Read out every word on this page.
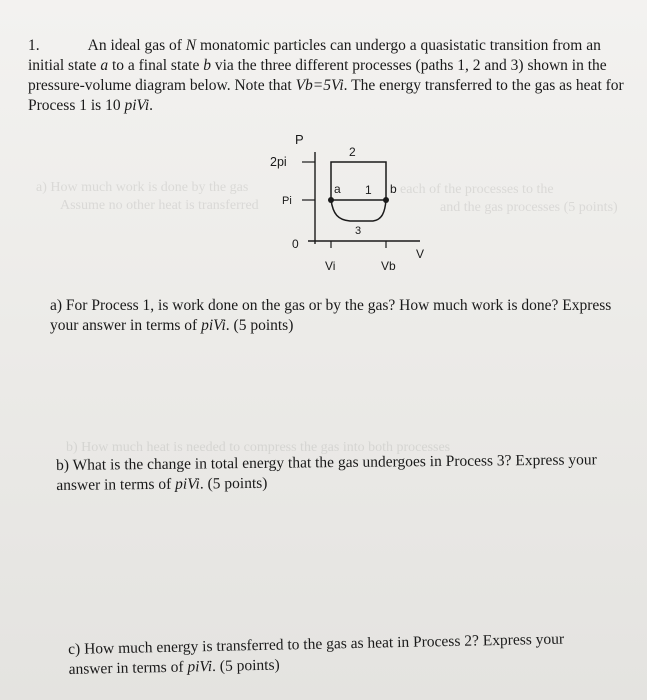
a) How much work is done by the gas
Assume no other heat is transferred
each of the processes to the
and the gas processes (5 points)
b) How much heat is needed to compress the gas into both processes
1.	An ideal gas of N monatomic particles can undergo a quasistatic transition from an initial state a to a final state b via the three different processes (paths 1, 2 and 3) shown in the pressure-volume diagram below. Note that Vb=5Vi. The energy transferred to the gas as heat for Process 1 is 10 piVi.
P
2pi
Pi
0
Vi	Vb
V
a	b
1
2
3
a) For Process 1, is work done on the gas or by the gas? How much work is done? Express your answer in terms of piVi. (5 points)
b) What is the change in total energy that the gas undergoes in Process 3? Express your answer in terms of piVi. (5 points)
c) How much energy is transferred to the gas as heat in Process 2? Express your answer in terms of piVi. (5 points)
